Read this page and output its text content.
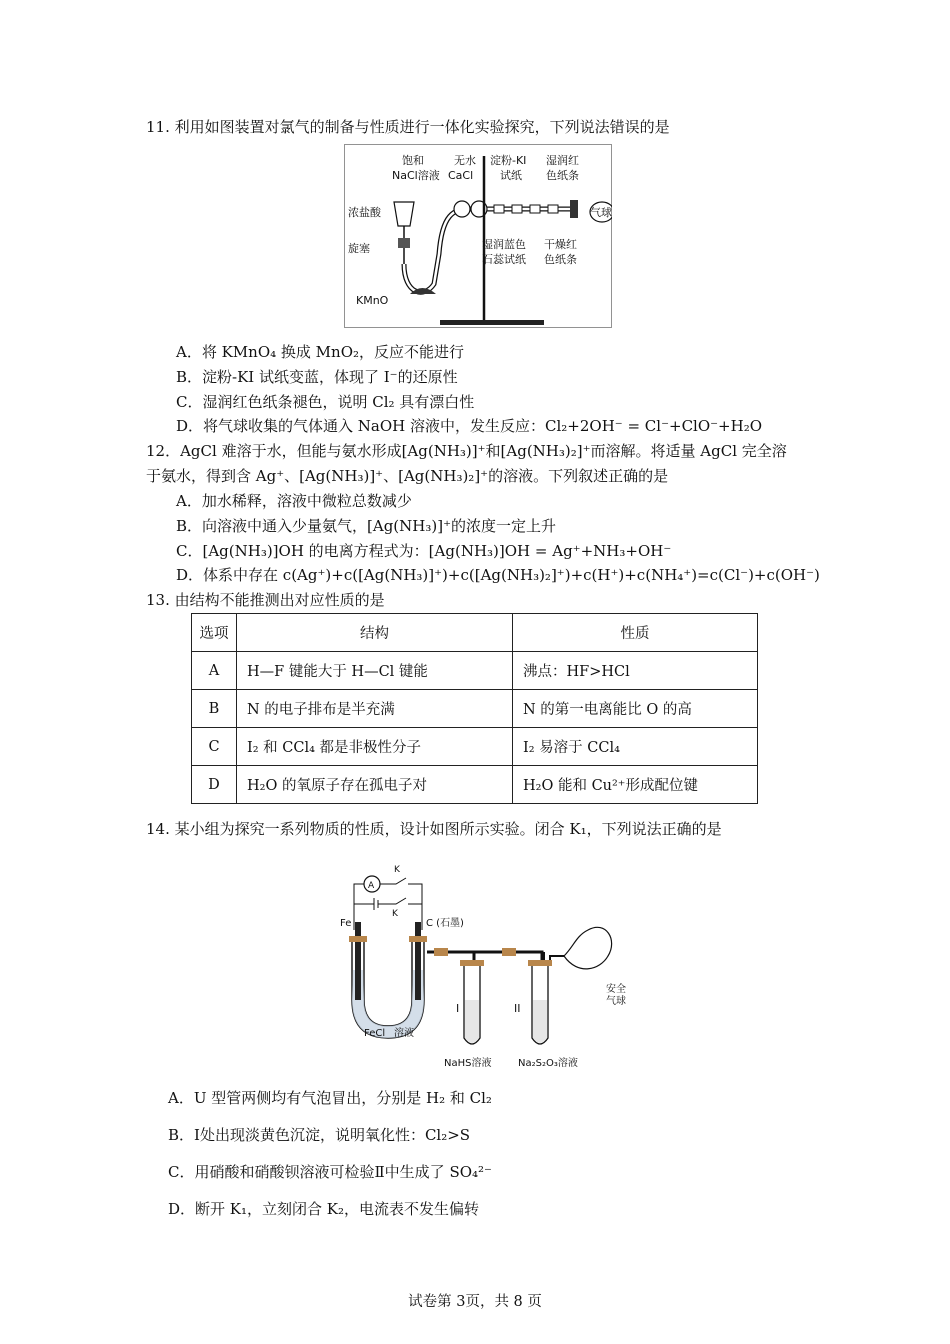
11. 利用如图装置对氯气的制备与性质进行一体化实验探究，下列说法错误的是
饱和
NaCl溶液
无水
CaCl
淀粉-KI
试纸
湿润红
色纸条
浓盐酸
旋塞
KMnO
湿润蓝色
石蕊试纸
干燥红
色纸条
气球
A．将 KMnO₄ 换成 MnO₂，反应不能进行
B．淀粉-KI 试纸变蓝，体现了 I⁻的还原性
C．湿润红色纸条褪色，说明 Cl₂ 具有漂白性
D．将气球收集的气体通入 NaOH 溶液中，发生反应：Cl₂+2OH⁻ = Cl⁻+ClO⁻+H₂O
12．AgCl 难溶于水，但能与氨水形成[Ag(NH₃)]⁺和[Ag(NH₃)₂]⁺而溶解。将适量 AgCl 完全溶
于氨水，得到含 Ag⁺、[Ag(NH₃)]⁺、[Ag(NH₃)₂]⁺的溶液。下列叙述正确的是
A．加水稀释，溶液中微粒总数减少
B．向溶液中通入少量氨气，[Ag(NH₃)]⁺的浓度一定上升
C．[Ag(NH₃)]OH 的电离方程式为：[Ag(NH₃)]OH = Ag⁺+NH₃+OH⁻
D．体系中存在 c(Ag⁺)+c([Ag(NH₃)]⁺)+c([Ag(NH₃)₂]⁺)+c(H⁺)+c(NH₄⁺)=c(Cl⁻)+c(OH⁻)
13. 由结构不能推测出对应性质的是
选项	结构	性质
A	H—F 键能大于 H—Cl 键能	沸点：HF>HCl
B	N 的电子排布是半充满	N 的第一电离能比 O 的高
C	I₂ 和 CCl₄ 都是非极性分子	I₂ 易溶于 CCl₄
D	H₂O 的氧原子存在孤电子对	H₂O 能和 Cu²⁺形成配位键
14. 某小组为探究一系列物质的性质，设计如图所示实验。闭合 K₁，下列说法正确的是
A
K
K
Fe	C (石墨)
FeCl 溶液
I	II
NaHS溶液	Na₂S₂O₃溶液
安全
气球
A．U 型管两侧均有气泡冒出，分别是 H₂ 和 Cl₂
B．Ⅰ处出现淡黄色沉淀，说明氧化性：Cl₂>S
C．用硝酸和硝酸钡溶液可检验Ⅱ中生成了 SO₄²⁻
D．断开 K₁，立刻闭合 K₂，电流表不发生偏转
试卷第 3页，共 8 页
